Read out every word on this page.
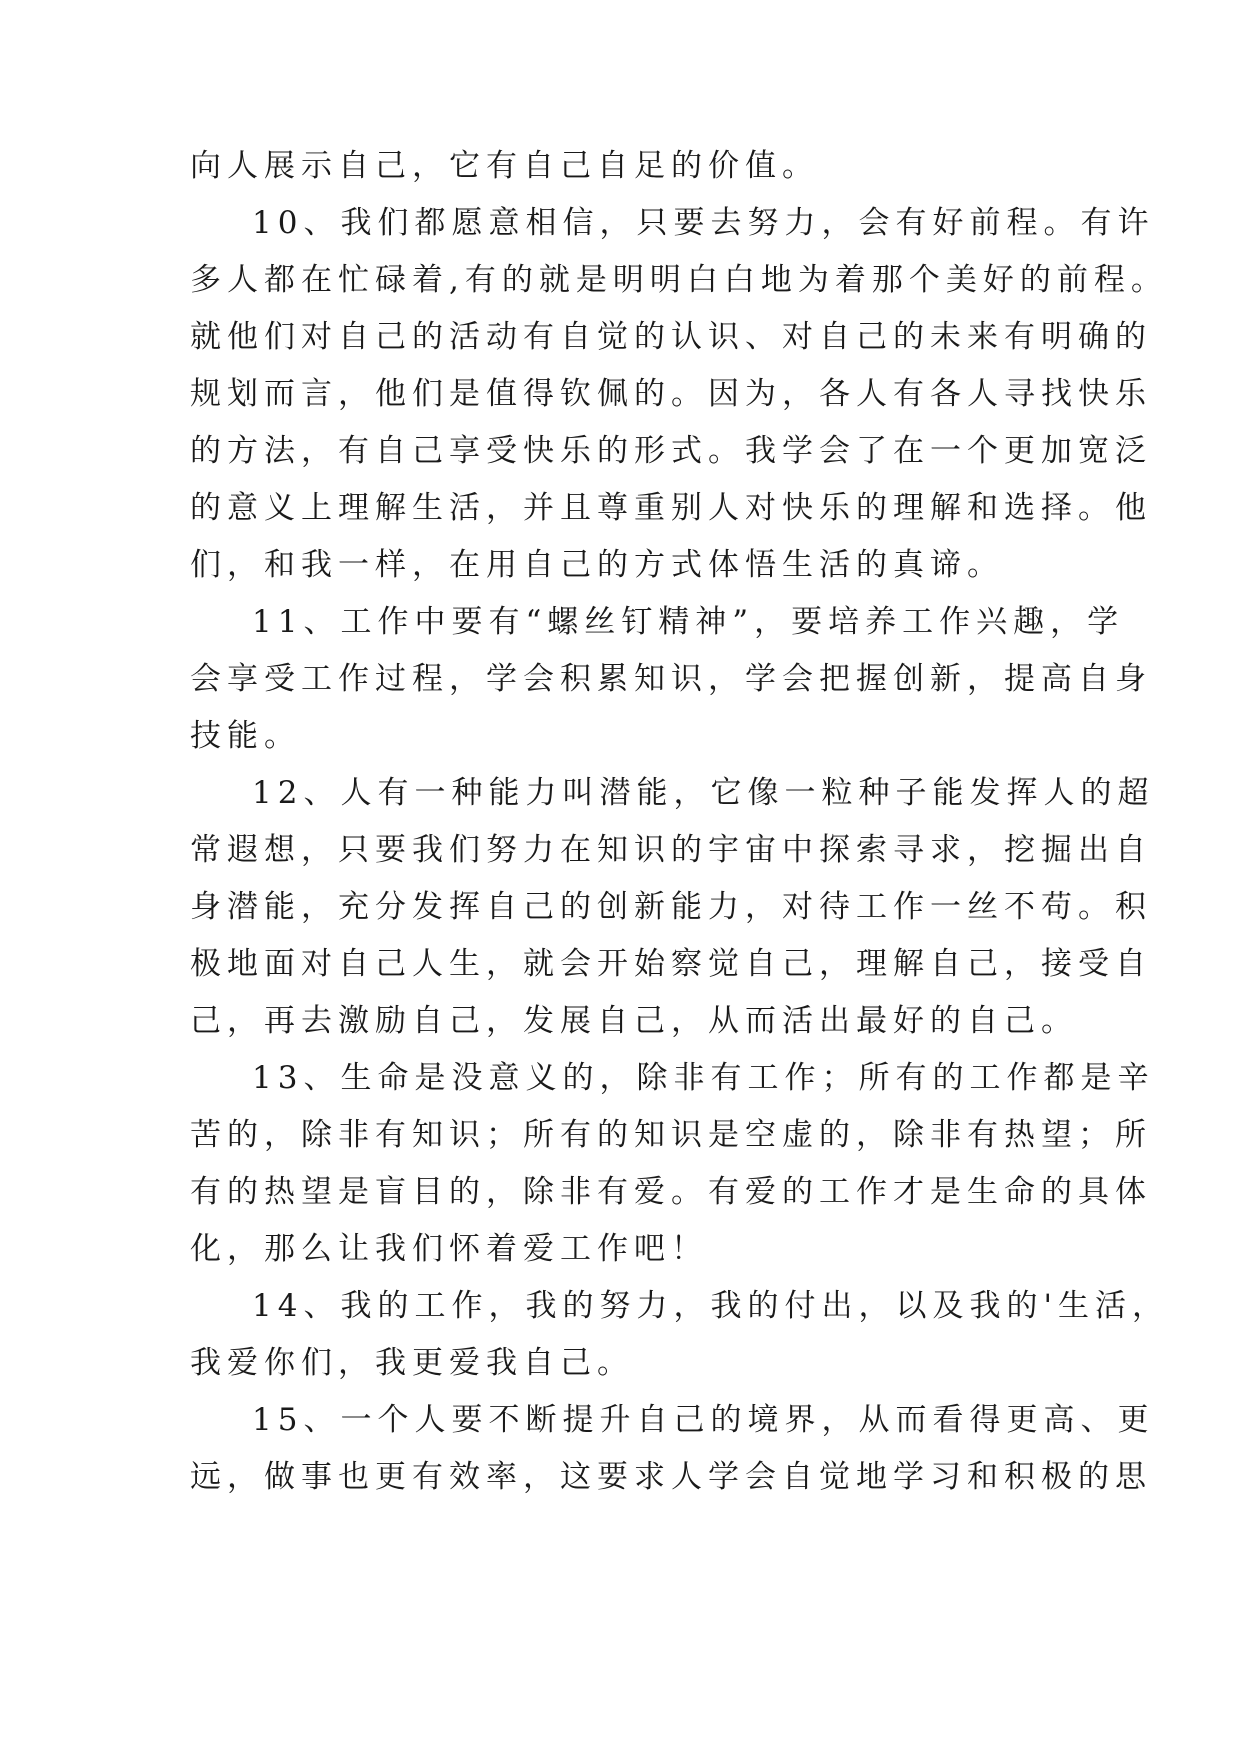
向人展示自己，它有自己自足的价值。
10、我们都愿意相信，只要去努力，会有好前程。有许
多人都在忙碌着,有的就是明明白白地为着那个美好的前程。
就他们对自己的活动有自觉的认识、对自己的未来有明确的
规划而言，他们是值得钦佩的。因为，各人有各人寻找快乐
的方法，有自己享受快乐的形式。我学会了在一个更加宽泛
的意义上理解生活，并且尊重别人对快乐的理解和选择。他
们，和我一样，在用自己的方式体悟生活的真谛。
11、工作中要有“螺丝钉精神”，要培养工作兴趣，学
会享受工作过程，学会积累知识，学会把握创新，提高自身
技能。
12、人有一种能力叫潜能，它像一粒种子能发挥人的超
常遐想，只要我们努力在知识的宇宙中探索寻求，挖掘出自
身潜能，充分发挥自己的创新能力，对待工作一丝不苟。积
极地面对自己人生，就会开始察觉自己，理解自己，接受自
己，再去激励自己，发展自己，从而活出最好的自己。
13、生命是没意义的，除非有工作；所有的工作都是辛
苦的，除非有知识；所有的知识是空虚的，除非有热望；所
有的热望是盲目的，除非有爱。有爱的工作才是生命的具体
化，那么让我们怀着爱工作吧！
14、我的工作，我的努力，我的付出，以及我的'生活，
我爱你们，我更爱我自己。
15、一个人要不断提升自己的境界，从而看得更高、更
远，做事也更有效率，这要求人学会自觉地学习和积极的思
